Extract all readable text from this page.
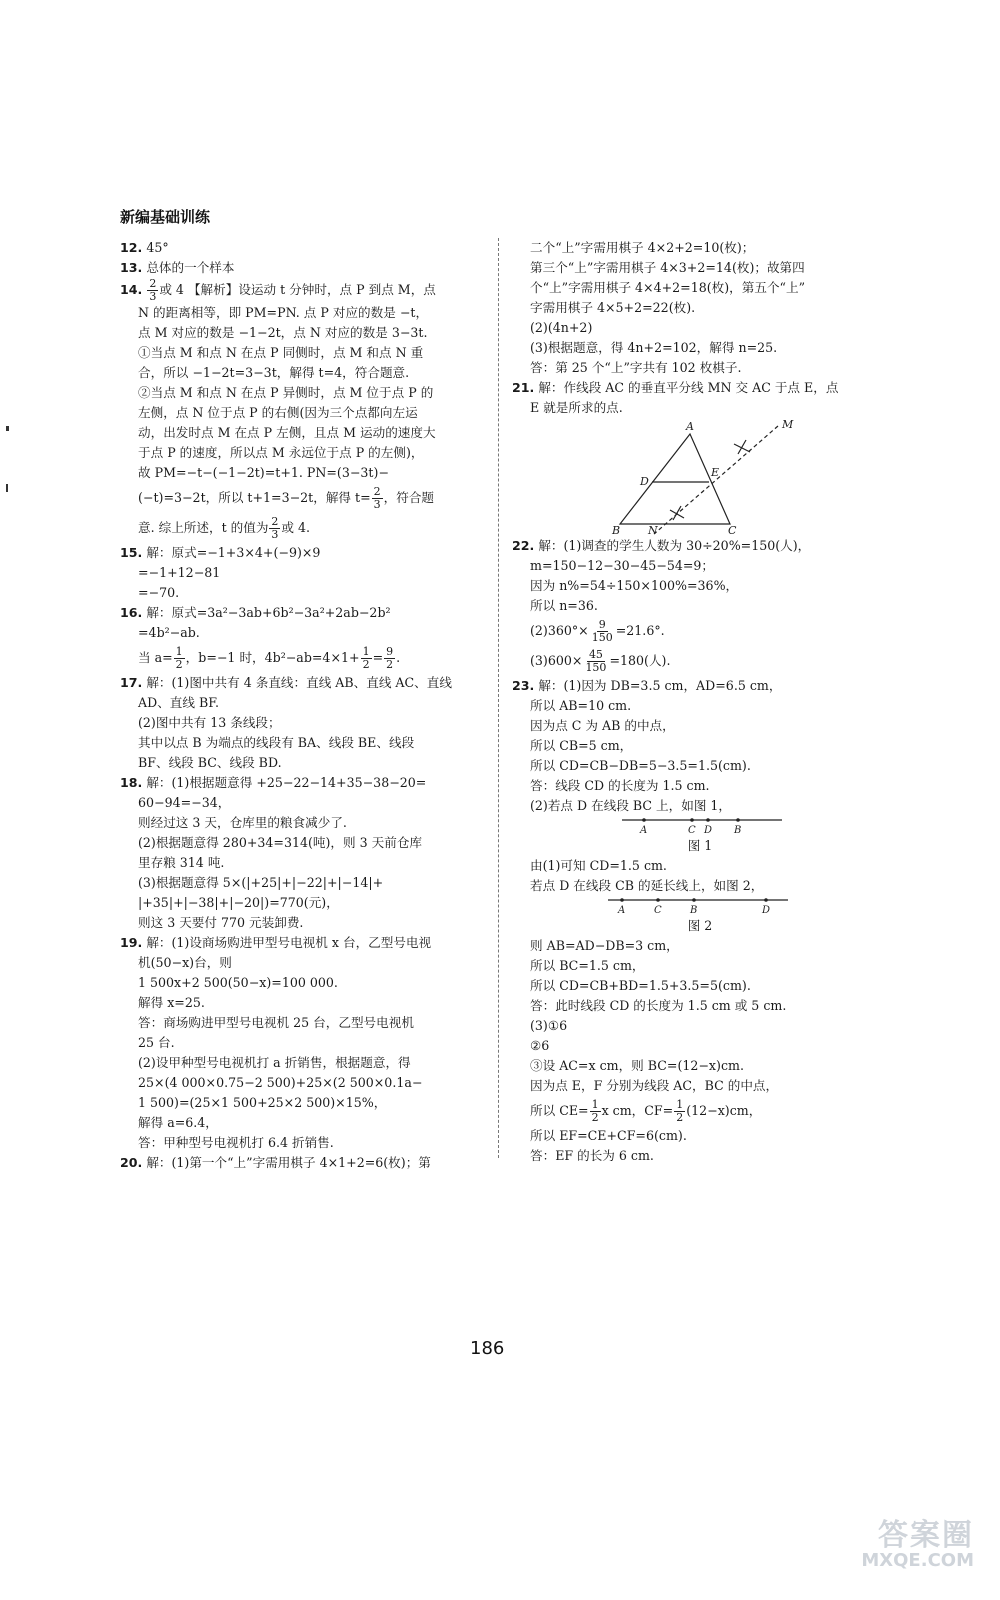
新编基础训练
12. 45°
13. 总体的一个样本
14. $\frac{2}{3}$ 或 4 【解析】设运动 t 分钟时，点 P 到点 M，点
N 的距离相等，即 PM=PN. 点 P 对应的数是 −t，
点 M 对应的数是 −1−2t，点 N 对应的数是 3−3t.
①当点 M 和点 N 在点 P 同侧时，点 M 和点 N 重
合，所以 −1−2t=3−3t，解得 t=4，符合题意.
②当点 M 和点 N 在点 P 异侧时，点 M 位于点 P 的
左侧，点 N 位于点 P 的右侧(因为三个点都向左运
动，出发时点 M 在点 P 左侧，且点 M 运动的速度大
于点 P 的速度，所以点 M 永远位于点 P 的左侧)，
故 PM=−t−(−1−2t)=t+1. PN=(3−3t)−
(−t)=3−2t，所以 t+1=3−2t，解得 $t= \frac{2}{3}$ ，符合题
意. 综上所述，t 的值为 $\frac{2}{3}$ 或 4.
15. 解：原式=−1+3×4+(−9)×9
=−1+12−81
=−70.
16. 解：原式=3a²−3ab+6b²−3a²+2ab−2b²
=4b²−ab.
当 $a= \frac{1}{2}$ ，b=−1 时，$4b^2-ab=4\times 1+ \frac{1}{2} = \frac{9}{2}$ .
17. 解：(1)图中共有 4 条直线：直线 AB、直线 AC、直线
AD、直线 BF.
(2)图中共有 13 条线段；
其中以点 B 为端点的线段有 BA、线段 BE、线段
BF、线段 BC、线段 BD.
18. 解：(1)根据题意得 +25−22−14+35−38−20=
60−94=−34，
则经过这 3 天，仓库里的粮食减少了.
(2)根据题意得 280+34=314(吨)，则 3 天前仓库
里存粮 314 吨.
(3)根据题意得 5×(|+25|+|−22|+|−14|+
|+35|+|−38|+|−20|)=770(元)，
则这 3 天要付 770 元装卸费.
19. 解：(1)设商场购进甲型号电视机 x 台，乙型号电视
机(50−x)台，则
1 500x+2 500(50−x)=100 000.
解得 x=25.
答：商场购进甲型号电视机 25 台，乙型号电视机
25 台.
(2)设甲种型号电视机打 a 折销售，根据题意，得
25×(4 000×0.75−2 500)+25×(2 500×0.1a−
1 500)=(25×1 500+25×2 500)×15%，
解得 a=6.4，
答：甲种型号电视机打 6.4 折销售.
20. 解：(1)第一个“上”字需用棋子 4×1+2=6(枚)；第
二个“上”字需用棋子 4×2+2=10(枚)；
第三个“上”字需用棋子 4×3+2=14(枚)；故第四
个“上”字需用棋子 4×4+2=18(枚)，第五个“上”
字需用棋子 4×5+2=22(枚).
(2)(4n+2)
(3)根据题意，得 4n+2=102，解得 n=25.
答：第 25 个“上”字共有 102 枚棋子.
21. 解：作线段 AC 的垂直平分线 MN 交 AC 于点 E，点
E 就是所求的点.
A
D
E
M
B	N	C
22. 解：(1)调查的学生人数为 30÷20%=150(人)，
m=150−12−30−45−54=9；
因为 n%=54÷150×100%=36%，
所以 n=36.
$(2)360^\circ\times \frac{9}{150} =21.6^\circ$.
$(3)600\times \frac{45}{150} =180$(人).
23. 解：(1)因为 DB=3.5 cm，AD=6.5 cm，
所以 AB=10 cm.
因为点 C 为 AB 的中点，
所以 CB=5 cm，
所以 CD=CB−DB=5−3.5=1.5(cm).
答：线段 CD 的长度为 1.5 cm.
(2)若点 D 在线段 BC 上，如图 1，
A	C D B
图 1
由(1)可知 CD=1.5 cm.
若点 D 在线段 CB 的延长线上，如图 2，
A	C	B	D
图 2
则 AB=AD−DB=3 cm，
所以 BC=1.5 cm，
所以 CD=CB+BD=1.5+3.5=5(cm).
答：此时线段 CD 的长度为 1.5 cm 或 5 cm.
(3)①6
②6
③设 AC=x cm，则 BC=(12−x)cm.
因为点 E，F 分别为线段 AC，BC 的中点，
所以 $CE= \frac{1}{2}$ x cm，$CF= \frac{1}{2} (12-x)cm$，
所以 EF=CE+CF=6(cm).
答：EF 的长为 6 cm.
186
答案圈
MXQE.COM
